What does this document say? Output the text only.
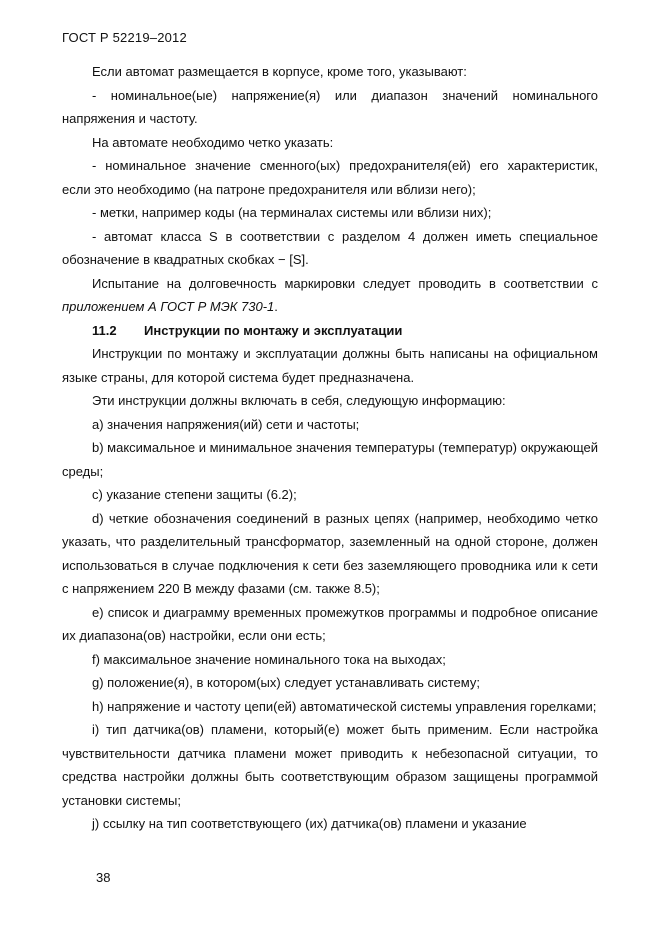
ГОСТ Р 52219–2012

Если автомат размещается в корпусе, кроме того, указывают:

- номинальное(ые) напряжение(я) или диапазон значений номинального напряжения и частоту.

На автомате необходимо четко указать:

- номинальное значение сменного(ых) предохранителя(ей) его характеристик, если это необходимо (на патроне предохранителя или вблизи него);

- метки, например коды (на терминалах системы или вблизи них);

- автомат класса S в соответствии с разделом 4 должен иметь специальное обозначение в квадратных скобках − [S].

Испытание на долговечность маркировки следует проводить в соответствии с приложением А ГОСТ Р МЭК 730-1.

11.2 Инструкции по монтажу и эксплуатации

Инструкции по монтажу и эксплуатации должны быть написаны на официальном языке страны, для которой система будет предназначена.

Эти инструкции должны включать в себя, следующую информацию:

a) значения напряжения(ий) сети и частоты;

b) максимальное и минимальное значения температуры (температур) окружающей среды;

c) указание степени защиты (6.2);

d) четкие обозначения соединений в разных цепях (например, необходимо четко указать, что разделительный трансформатор, заземленный на одной стороне, должен использоваться в случае подключения к сети без заземляющего проводника или к сети с напряжением 220 В между фазами (см. также 8.5);

e) список и диаграмму временных промежутков программы и подробное описание их диапазона(ов) настройки, если они есть;

f) максимальное значение номинального тока на выходах;

g) положение(я), в котором(ых) следует устанавливать систему;

h) напряжение и частоту цепи(ей) автоматической системы управления горелками;

i) тип датчика(ов) пламени, который(е) может быть применим. Если настройка чувствительности датчика пламени может приводить к небезопасной ситуации, то средства настройки должны быть соответствующим образом защищены программой установки системы;

j) ссылку на тип соответствующего (их) датчика(ов) пламени и указание

38
